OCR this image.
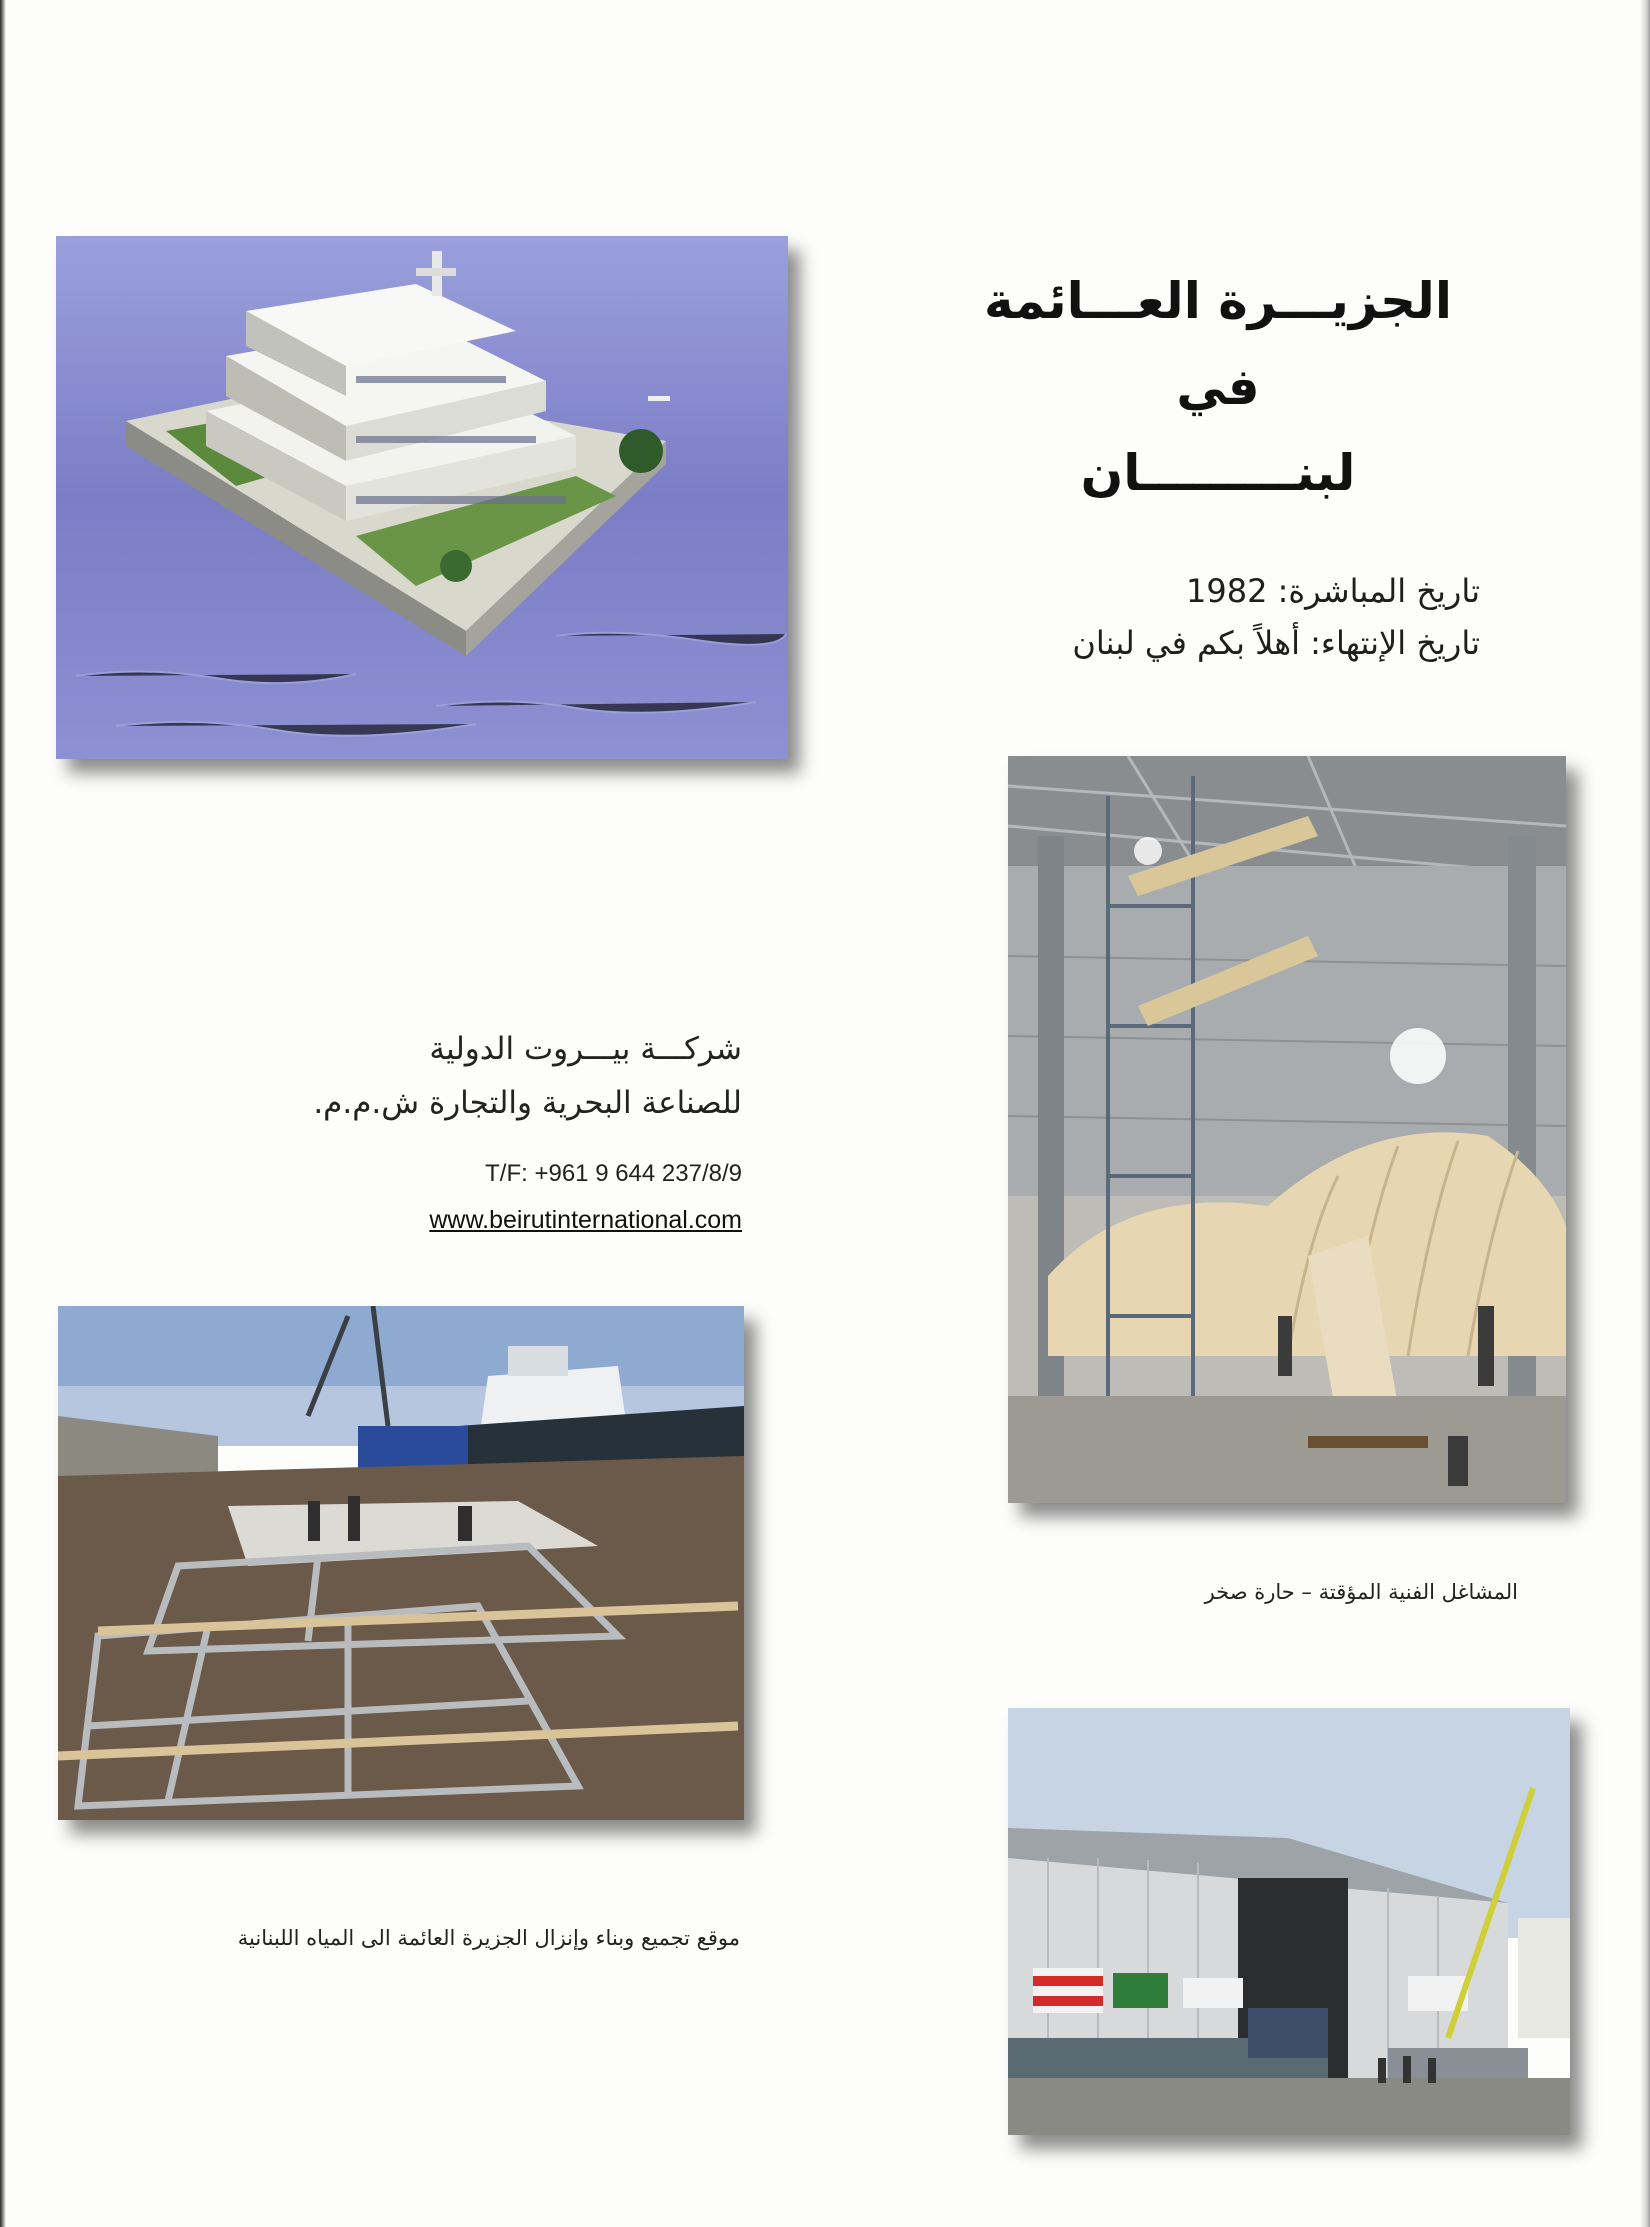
الجزيـــرة العـــائمة
في
لبنـــــــــان
تاريخ المباشرة: 1982
تاريخ الإنتهاء: أهلاً بكم في لبنان
شركـــة بيـــروت الدولية
للصناعة البحرية والتجارة ش.م.م.
T/F: +961 9 644 237/8/9
www.beirutinternational.com
المشاغل الفنية المؤقتة – حارة صخر
موقع تجميع وبناء وإنزال الجزيرة العائمة الى المياه اللبنانية
